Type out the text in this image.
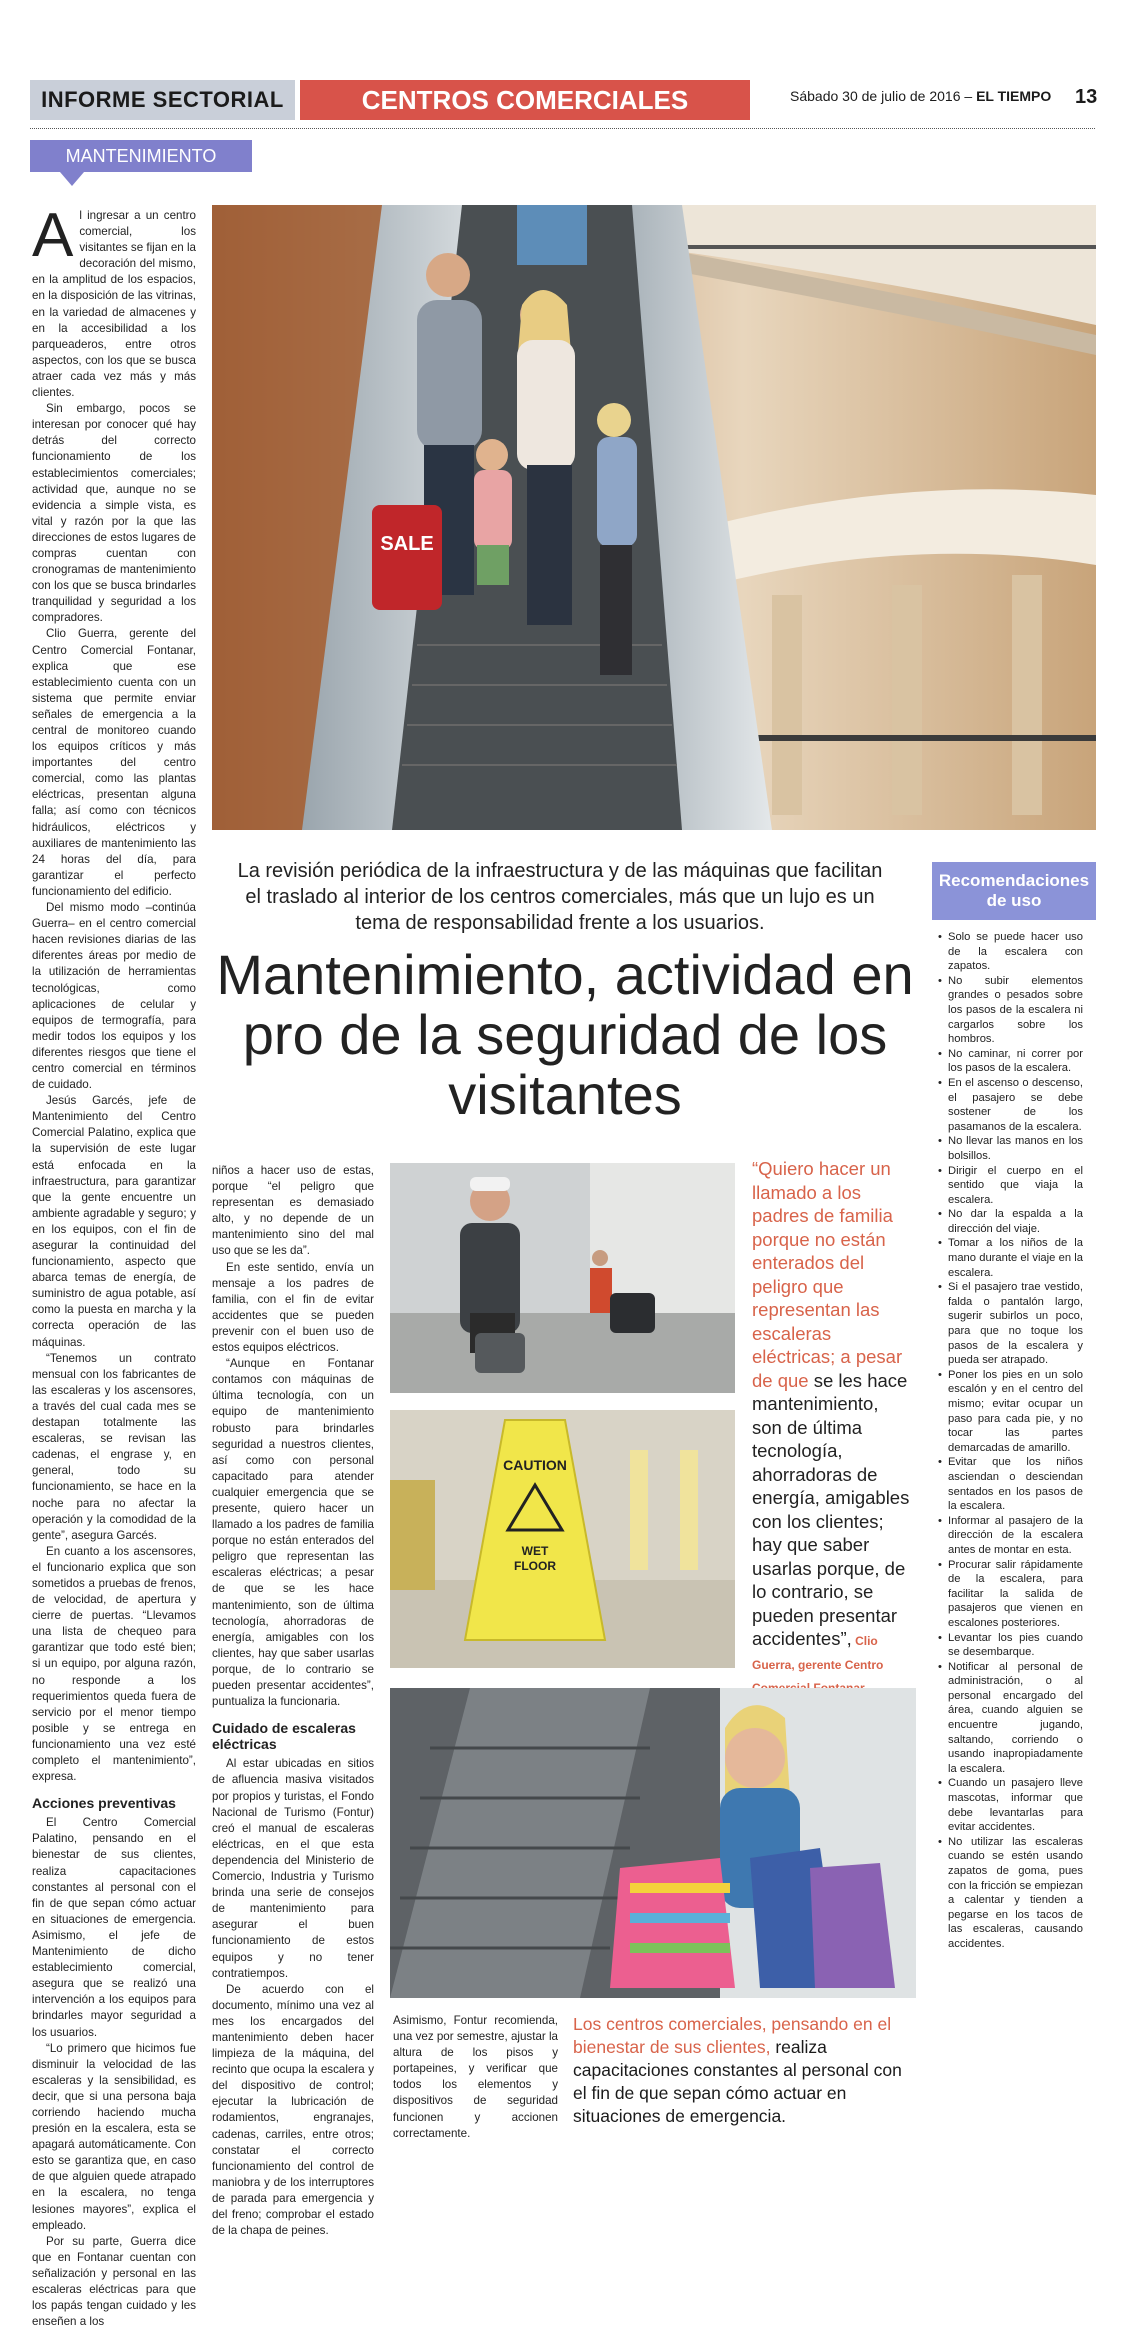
INFORME SECTORIAL	CENTROS COMERCIALES	Sábado 30 de julio de 2016 – EL TIEMPO 13
MANTENIMIENTO

Al ingresar a un centro comercial, los visitantes se fijan en la decoración del mismo, en la amplitud de los espacios, en la disposición de las vitrinas, en la variedad de almacenes y en la accesibilidad a los parqueaderos, entre otros aspectos, con los que se busca atraer cada vez más y más clientes.

Sin embargo, pocos se interesan por conocer qué hay detrás del correcto funcionamiento de los establecimientos comerciales; actividad que, aunque no se evidencia a simple vista, es vital y razón por la que las direcciones de estos lugares de compras cuentan con cronogramas de mantenimiento con los que se busca brindarles tranquilidad y seguridad a los compradores.

Clio Guerra, gerente del Centro Comercial Fontanar, explica que ese establecimiento cuenta con un sistema que permite enviar señales de emergencia a la central de monitoreo cuando los equipos críticos y más importantes del centro comercial, como las plantas eléctricas, presentan alguna falla; así como con técnicos hidráulicos, eléctricos y auxiliares de mantenimiento las 24 horas del día, para garantizar el perfecto funcionamiento del edificio.

Del mismo modo –continúa Guerra– en el centro comercial hacen revisiones diarias de las diferentes áreas por medio de la utilización de herramientas tecnológicas, como aplicaciones de celular y equipos de termografía, para medir todos los equipos y los diferentes riesgos que tiene el centro comercial en términos de cuidado.

Jesús Garcés, jefe de Mantenimiento del Centro Comercial Palatino, explica que la supervisión de este lugar está enfocada en la infraestructura, para garantizar que la gente encuentre un ambiente agradable y seguro; y en los equipos, con el fin de asegurar la continuidad del funcionamiento, aspecto que abarca temas de energía, de suministro de agua potable, así como la puesta en marcha y la correcta operación de las máquinas.

“Tenemos un contrato mensual con los fabricantes de las escaleras y los ascensores, a través del cual cada mes se destapan totalmente las escaleras, se revisan las cadenas, el engrase y, en general, todo su funcionamiento, se hace en la noche para no afectar la operación y la comodidad de la gente”, asegura Garcés.

En cuanto a los ascensores, el funcionario explica que son sometidos a pruebas de frenos, de velocidad, de apertura y cierre de puertas. “Llevamos una lista de chequeo para garantizar que todo esté bien; si un equipo, por alguna razón, no responde a los requerimientos queda fuera de servicio por el menor tiempo posible y se entrega en funcionamiento una vez esté completo el mantenimiento”, expresa.

Acciones preventivas

El Centro Comercial Palatino, pensando en el bienestar de sus clientes, realiza capacitaciones constantes al personal con el fin de que sepan cómo actuar en situaciones de emergencia. Asimismo, el jefe de Mantenimiento de dicho establecimiento comercial, asegura que se realizó una intervención a los equipos para brindarles mayor seguridad a los usuarios.

“Lo primero que hicimos fue disminuir la velocidad de las escaleras y la sensibilidad, es decir, que si una persona baja corriendo haciendo mucha presión en la escalera, esta se apagará automáticamente. Con esto se garantiza que, en caso de que alguien quede atrapado en la escalera, no tenga lesiones mayores”, explica el empleado.

Por su parte, Guerra dice que en Fontanar cuentan con señalización y personal en las escaleras eléctricas para que los papás tengan cuidado y les enseñen a los

SALE
La revisión periódica de la infraestructura y de las máquinas que facilitan el traslado al interior de los centros comerciales, más que un lujo es un tema de responsabilidad frente a los usuarios.
Mantenimiento, actividad en pro de la seguridad de los visitantes

niños a hacer uso de estas, porque “el peligro que representan es demasiado alto, y no depende de un mantenimiento sino del mal uso que se les da”.

En este sentido, envía un mensaje a los padres de familia, con el fin de evitar accidentes que se pueden prevenir con el buen uso de estos equipos eléctricos.

“Aunque en Fontanar contamos con máquinas de última tecnología, con un equipo de mantenimiento robusto para brindarles seguridad a nuestros clientes, así como con personal capacitado para atender cualquier emergencia que se presente, quiero hacer un llamado a los padres de familia porque no están enterados del peligro que representan las escaleras eléctricas; a pesar de que se les hace mantenimiento, son de última tecnología, ahorradoras de energía, amigables con los clientes, hay que saber usarlas porque, de lo contrario se pueden presentar accidentes”, puntualiza la funcionaria.

Cuidado de escaleras eléctricas

Al estar ubicadas en sitios de afluencia masiva visitados por propios y turistas, el Fondo Nacional de Turismo (Fontur) creó el manual de escaleras eléctricas, en el que esta dependencia del Ministerio de Comercio, Industria y Turismo brinda una serie de consejos de mantenimiento para asegurar el buen funcionamiento de estos equipos y no tener contratiempos.

De acuerdo con el documento, mínimo una vez al mes los encargados del mantenimiento deben hacer limpieza de la máquina, del recinto que ocupa la escalera y del dispositivo de control; ejecutar la lubricación de rodamientos, engranajes, cadenas, carriles, entre otros; constatar el correcto funcionamiento del control de maniobra y de los interruptores de parada para emergencia y del freno; comprobar el estado de la chapa de peines.

CAUTION
WET
FLOOR
“Quiero hacer un llamado a los padres de familia porque no están enterados del peligro que representan las escaleras eléctricas; a pesar de que se les hace mantenimiento, son de última tecnología, ahorradoras de energía, amigables con los clientes; hay que saber usarlas porque, de lo contrario, se pueden presentar accidentes”, Clio Guerra, gerente Centro

Asimismo, Fontur recomienda, una vez por semestre, ajustar la altura de los pisos y portapeines, y verificar que todos los elementos y dispositivos de seguridad funcionen y accionen correctamente.

Los centros comerciales, pensando en el bienestar de sus clientes, realiza capacitaciones constantes al personal con el fin de que sepan cómo actuar en situaciones de emergencia.
Recomendaciones de uso
• Solo se puede hacer uso de la escalera con zapatos.
• No subir elementos grandes o pesados sobre los pasos de la escalera ni cargarlos sobre los hombros.
• No caminar, ni correr por los pasos de la escalera.
• En el ascenso o descenso, el pasajero se debe sostener de los pasamanos de la escalera.
• No llevar las manos en los bolsillos.
• Dirigir el cuerpo en el sentido que viaja la escalera.
• No dar la espalda a la dirección del viaje.
• Tomar a los niños de la mano durante el viaje en la escalera.
• Si el pasajero trae vestido, falda o pantalón largo, sugerir subirlos un poco, para que no toque los pasos de la escalera y pueda ser atrapado.
• Poner los pies en un solo escalón y en el centro del mismo; evitar ocupar un paso para cada pie, y no tocar las partes demarcadas de amarillo.
• Evitar que los niños asciendan o desciendan sentados en los pasos de la escalera.
• Informar al pasajero de la dirección de la escalera antes de montar en esta.
• Procurar salir rápidamente de la escalera, para facilitar la salida de pasajeros que vienen en escalones posteriores.
• Levantar los pies cuando se desembarque.
• Notificar al personal de administración, o al personal encargado del área, cuando alguien se encuentre jugando, saltando, corriendo o usando inapropiadamente la escalera.
• Cuando un pasajero lleve mascotas, informar que debe levantarlas para evitar accidentes.
• No utilizar las escaleras cuando se estén usando zapatos de goma, pues con la fricción se empiezan a calentar y tienden a pegarse en los tacos de las escaleras, causando accidentes.
